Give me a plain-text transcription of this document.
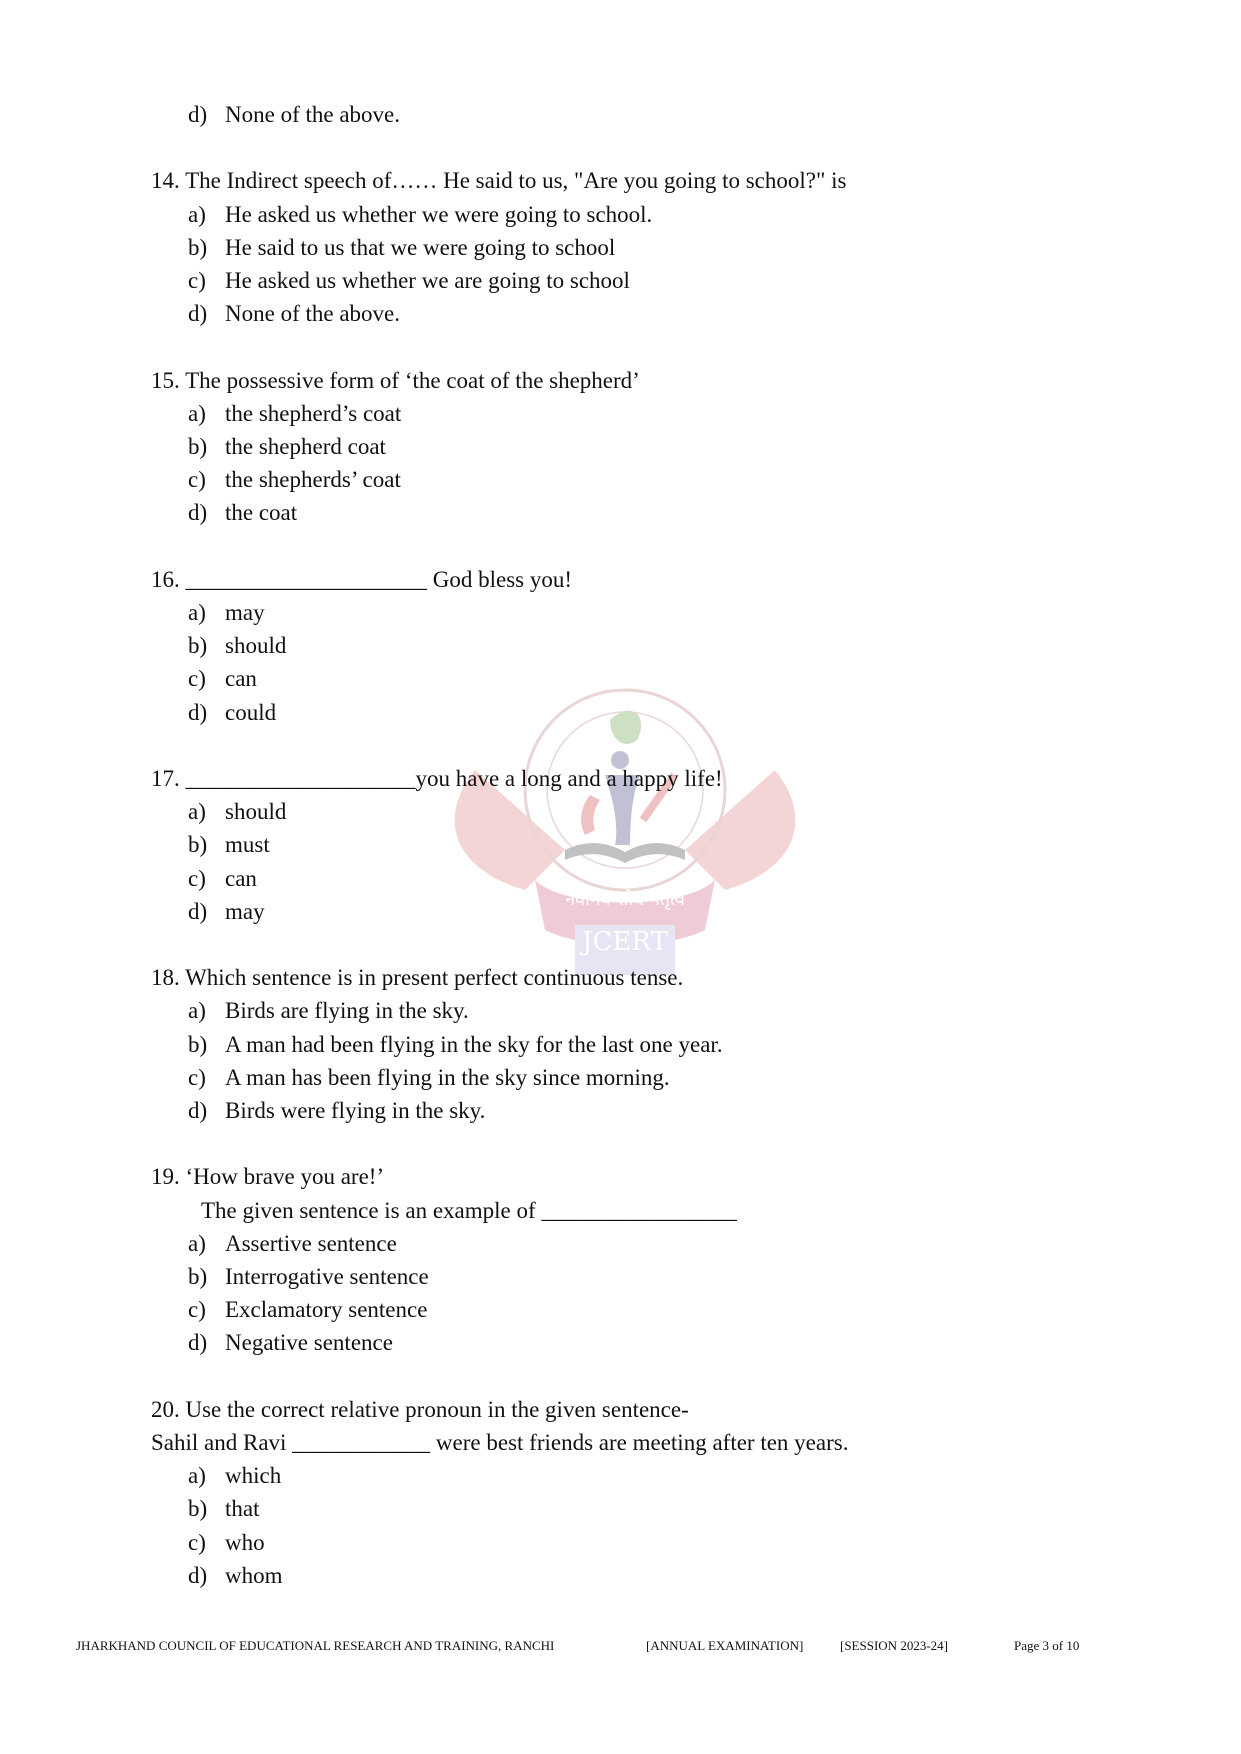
नवामेव शोध नतृत्व
JCERT
d) None of the above.
14. The Indirect speech of…… He said to us, "Are you going to school?" is
a) He asked us whether we were going to school.
b) He said to us that we were going to school
c) He asked us whether we are going to school
d) None of the above.
15. The possessive form of ‘the coat of the shepherd’
a) the shepherd’s coat
b) the shepherd coat
c) the shepherds’ coat
d) the coat
16. _____________________ God bless you!
a) may
b) should
c) can
d) could
17. ____________________you have a long and a happy life!
a) should
b) must
c) can
d) may
18. Which sentence is in present perfect continuous tense.
a) Birds are flying in the sky.
b) A man had been flying in the sky for the last one year.
c) A man has been flying in the sky since morning.
d) Birds were flying in the sky.
19. ‘How brave you are!’
The given sentence is an example of _________________
a) Assertive sentence
b) Interrogative sentence
c) Exclamatory sentence
d) Negative sentence
20. Use the correct relative pronoun in the given sentence-
Sahil and Ravi ____________ were best friends are meeting after ten years.
a) which
b) that
c) who
d) whom
JHARKHAND COUNCIL OF EDUCATIONAL RESEARCH AND TRAINING, RANCHI	[ANNUAL EXAMINATION]	[SESSION 2023-24]	Page 3 of 10
